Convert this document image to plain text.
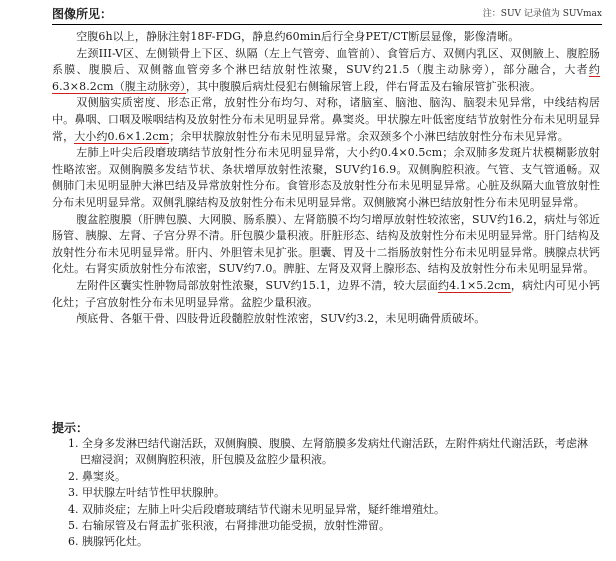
图像所见：	注：SUV 记录值为 SUVmax

空腹6h以上，静脉注射18F-FDG，静息约60min后行全身PET/CT断层显像，影像清晰。

左颈III-V区、左侧锁骨上下区、纵隔（左上气管旁、血管前）、食管后方、双侧内乳区、双侧腋上、腹腔肠系膜、腹膜后、双侧髂血管旁多个淋巴结放射性浓聚，SUV约21.5（腹主动脉旁），部分融合，大者约6.3×8.2cm（腹主动脉旁），其中腹膜后病灶侵犯右侧输尿管上段，伴右肾盂及右输尿管扩张积液。

双侧脑实质密度、形态正常，放射性分布均匀、对称，诸脑室、脑池、脑沟、脑裂未见异常，中线结构居中。鼻咽、口咽及喉咽结构及放射性分布未见明显异常。鼻窦炎。甲状腺左叶低密度结节放射性分布未见明显异常，大小约0.6×1.2cm；余甲状腺放射性分布未见明显异常。余双颈多个小淋巴结放射性分布未见异常。

左肺上叶尖后段磨玻璃结节放射性分布未见明显异常，大小约0.4×0.5cm；余双肺多发斑片状模糊影放射性略浓密。双侧胸膜多发结节状、条状增厚放射性浓聚，SUV约16.9。双侧胸腔积液。气管、支气管通畅。双侧肺门未见明显肿大淋巴结及异常放射性分布。食管形态及放射性分布未见明显异常。心脏及纵隔大血管放射性分布未见明显异常。双侧乳腺结构及放射性分布未见明显异常。双侧腋窝小淋巴结放射性分布未见明显异常。

腹盆腔腹膜（肝脾包膜、大网膜、肠系膜）、左肾筋膜不均匀增厚放射性较浓密，SUV约16.2，病灶与邻近肠管、胰腺、左肾、子宫分界不清。肝包膜少量积液。肝脏形态、结构及放射性分布未见明显异常。肝门结构及放射性分布未见明显异常。肝内、外胆管未见扩张。胆囊、胃及十二指肠放射性分布未见明显异常。胰腺点状钙化灶。右肾实质放射性分布浓密，SUV约7.0。脾脏、左肾及双肾上腺形态、结构及放射性分布未见明显异常。

左附件区囊实性肿物局部放射性浓聚，SUV约15.1，边界不清，较大层面约4.1×5.2cm，病灶内可见小钙化灶；子宫放射性分布未见明显异常。盆腔少量积液。

颅底骨、各躯干骨、四肢骨近段髓腔放射性浓密，SUV约3.2，未见明确骨质破坏。

提示：
1. 全身多发淋巴结代谢活跃，双侧胸膜、腹膜、左肾筋膜多发病灶代谢活跃，左附件病灶代谢活跃，考虑淋巴瘤浸润；双侧胸腔积液，肝包膜及盆腔少量积液。
2. 鼻窦炎。
3. 甲状腺左叶结节性甲状腺肿。
4. 双肺炎症；左肺上叶尖后段磨玻璃结节代谢未见明显异常，疑纤维增殖灶。
5. 右输尿管及右肾盂扩张积液，右肾排泄功能受损，放射性滞留。
6. 胰腺钙化灶。
